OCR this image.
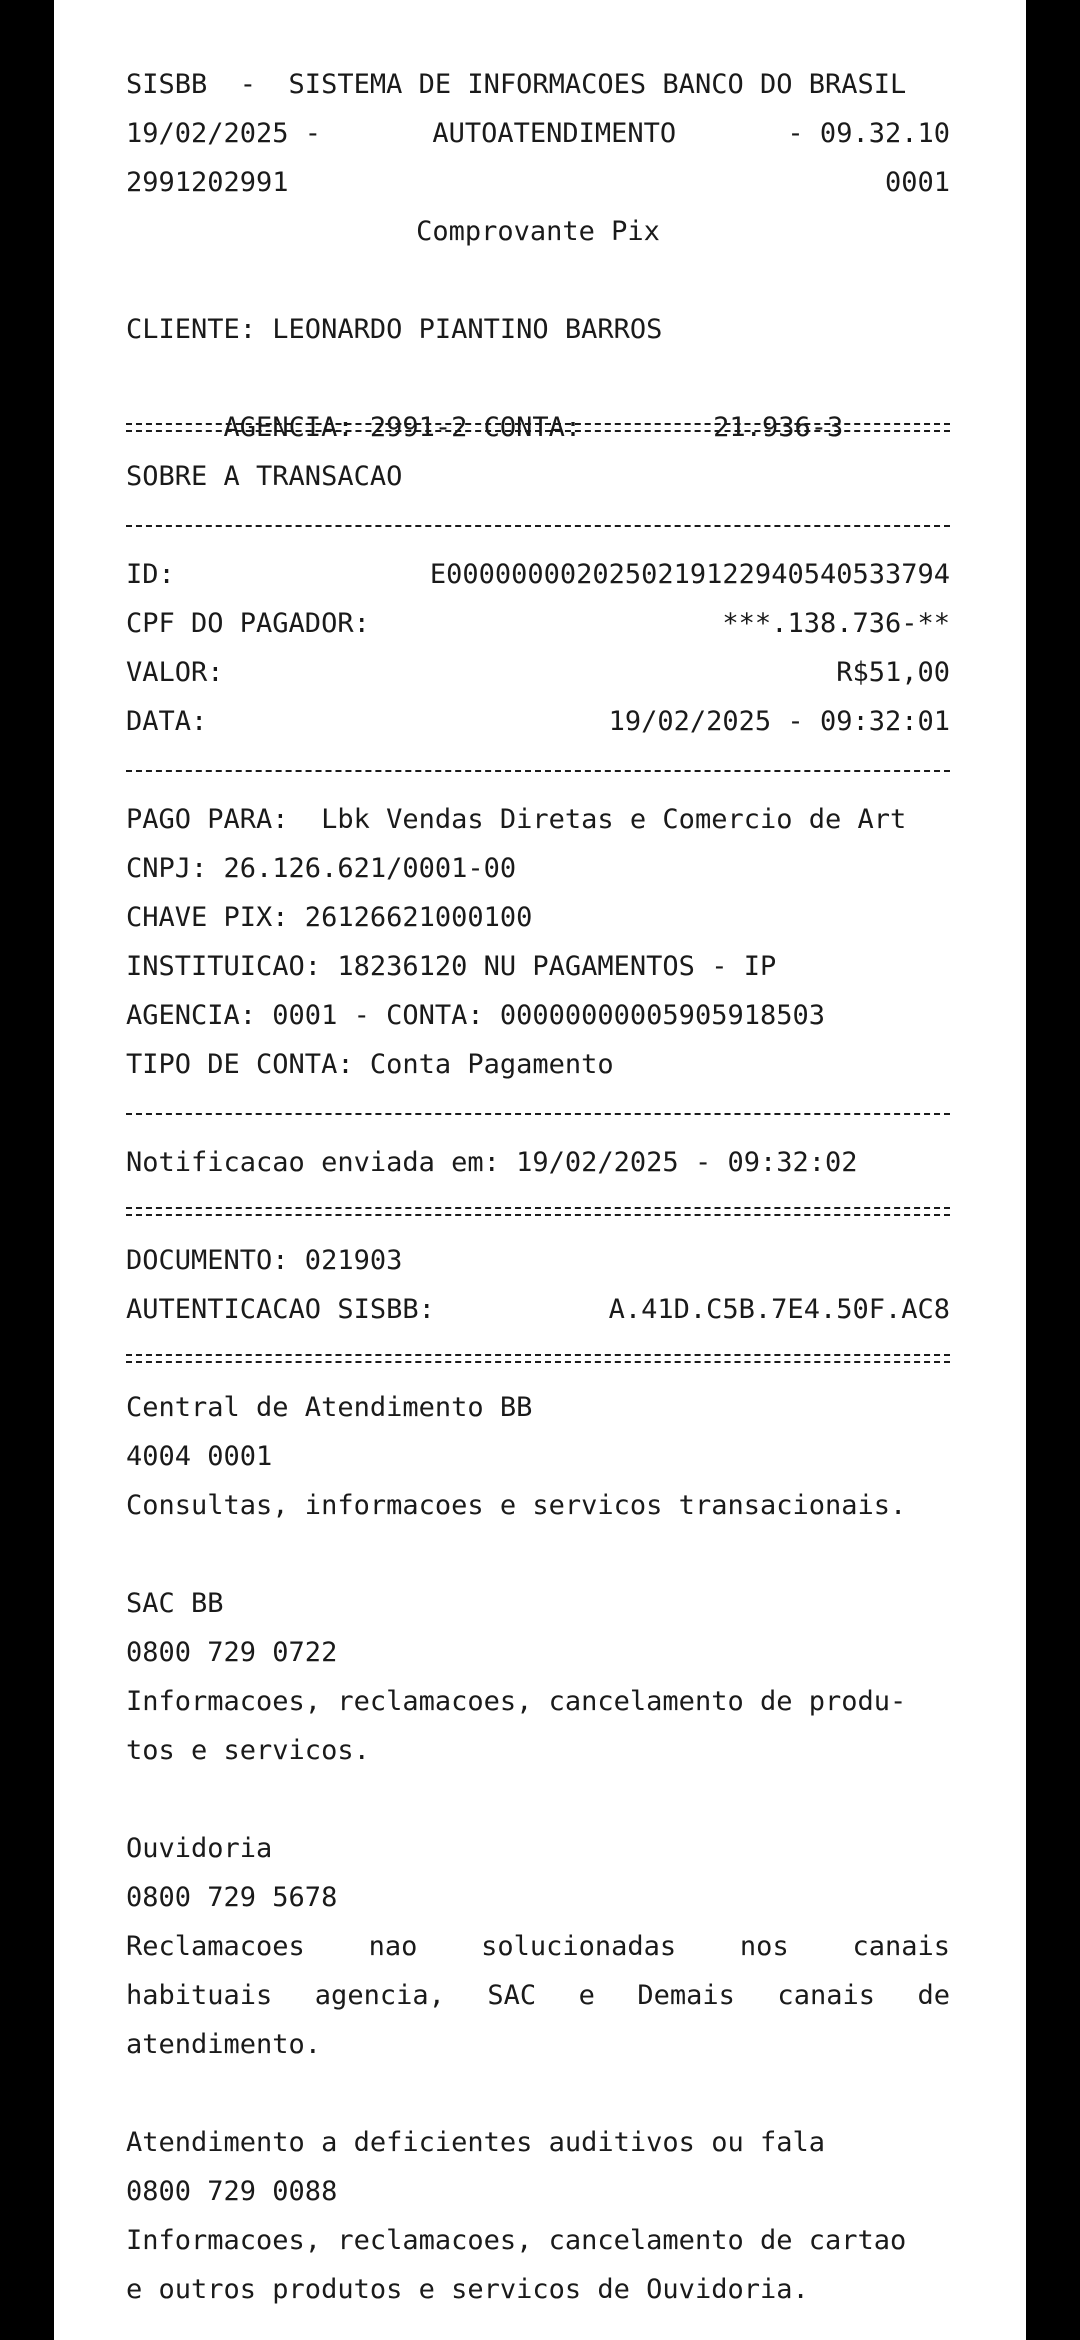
SISBB  -  SISTEMA DE INFORMACOES BANCO DO BRASIL
19/02/2025 -	AUTOATENDIMENTO	- 09.32.10
2991202991	0001
Comprovante Pix
CLIENTE: LEONARDO PIANTINO BARROS

AGENCIA: 2991-2 CONTA:	21.936-3

SOBRE A TRANSACAO
ID:	E0000000020250219122940540533794
CPF DO PAGADOR:	***.138.736-**
VALOR:	R$51,00
DATA:	19/02/2025 - 09:32:01
PAGO PARA:  Lbk Vendas Diretas e Comercio de Art
CNPJ: 26.126.621/0001-00
CHAVE PIX: 26126621000100
INSTITUICAO: 18236120 NU PAGAMENTOS - IP
AGENCIA: 0001 - CONTA: 00000000005905918503
TIPO DE CONTA: Conta Pagamento
Notificacao enviada em: 19/02/2025 - 09:32:02
DOCUMENTO: 021903
AUTENTICACAO SISBB:	A.41D.C5B.7E4.50F.AC8
Central de Atendimento BB
4004 0001
Consultas, informacoes e servicos transacionais.
SAC BB
0800 729 0722
Informacoes, reclamacoes, cancelamento de produ-
tos e servicos.
Ouvidoria
0800 729 5678
Reclamacoes nao solucionadas nos canais
habituais agencia, SAC e Demais canais de
atendimento.
Atendimento a deficientes auditivos ou fala
0800 729 0088
Informacoes, reclamacoes, cancelamento de cartao
e outros produtos e servicos de Ouvidoria.
